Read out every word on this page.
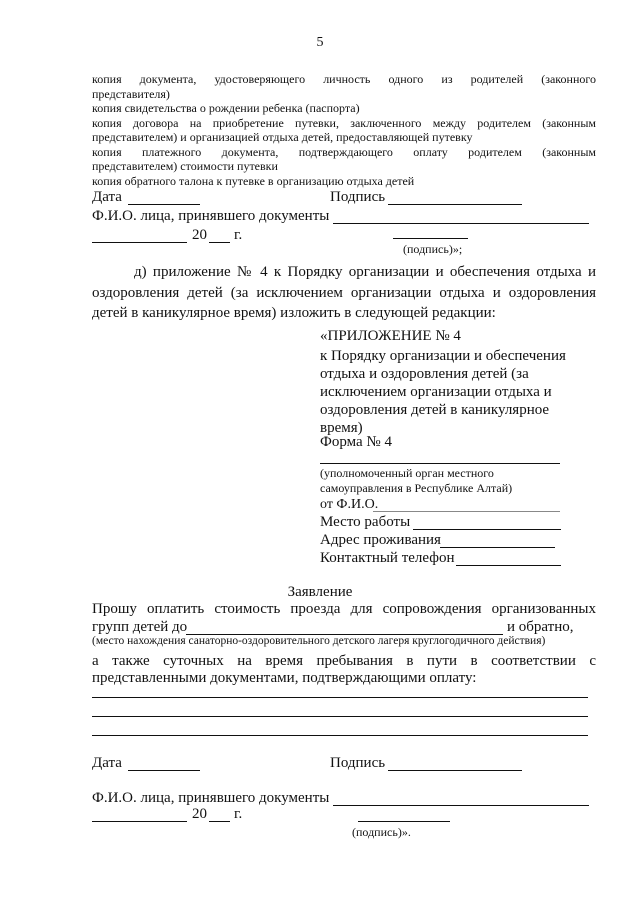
5

копия документа, удостоверяющего личность одного из родителей (законного

представителя)

копия свидетельства о рождении ребенка (паспорта)

копия договора на приобретение путевки, заключенного между родителем (законным

представителем) и организацией отдыха детей, предоставляющей путевку

копия платежного документа, подтверждающего оплату родителем (законным

представителем) стоимости путевки

копия обратного талона к путевке в организацию отдыха детей

Дата	Подпись
Ф.И.О. лица, принявшего документы
20 г.
(подпись)»;

д) приложение № 4 к Порядку организации и обеспечения отдыха и оздоровления детей (за исключением организации отдыха и оздоровления детей в каникулярное время) изложить в следующей редакции:

«ПРИЛОЖЕНИЕ № 4
к Порядку организации и обеспечения
отдыха и оздоровления детей (за
исключением организации отдыха и
оздоровления детей в каникулярное
время)
Форма № 4
(уполномоченный орган местного
самоуправления в Республике Алтай)
от Ф.И.О.
Место работы
Адрес проживания
Контактный телефон
Заявление
Прошу оплатить стоимость проезда для сопровождения организованных
групп детей до	и обратно,
(место нахождения санаторно-оздоровительного детского лагеря круглогодичного действия)
а также суточных на время пребывания в пути в соответствии с
представленными документами, подтверждающими оплату:
Дата	Подпись
Ф.И.О. лица, принявшего документы
20 г.
(подпись)».
